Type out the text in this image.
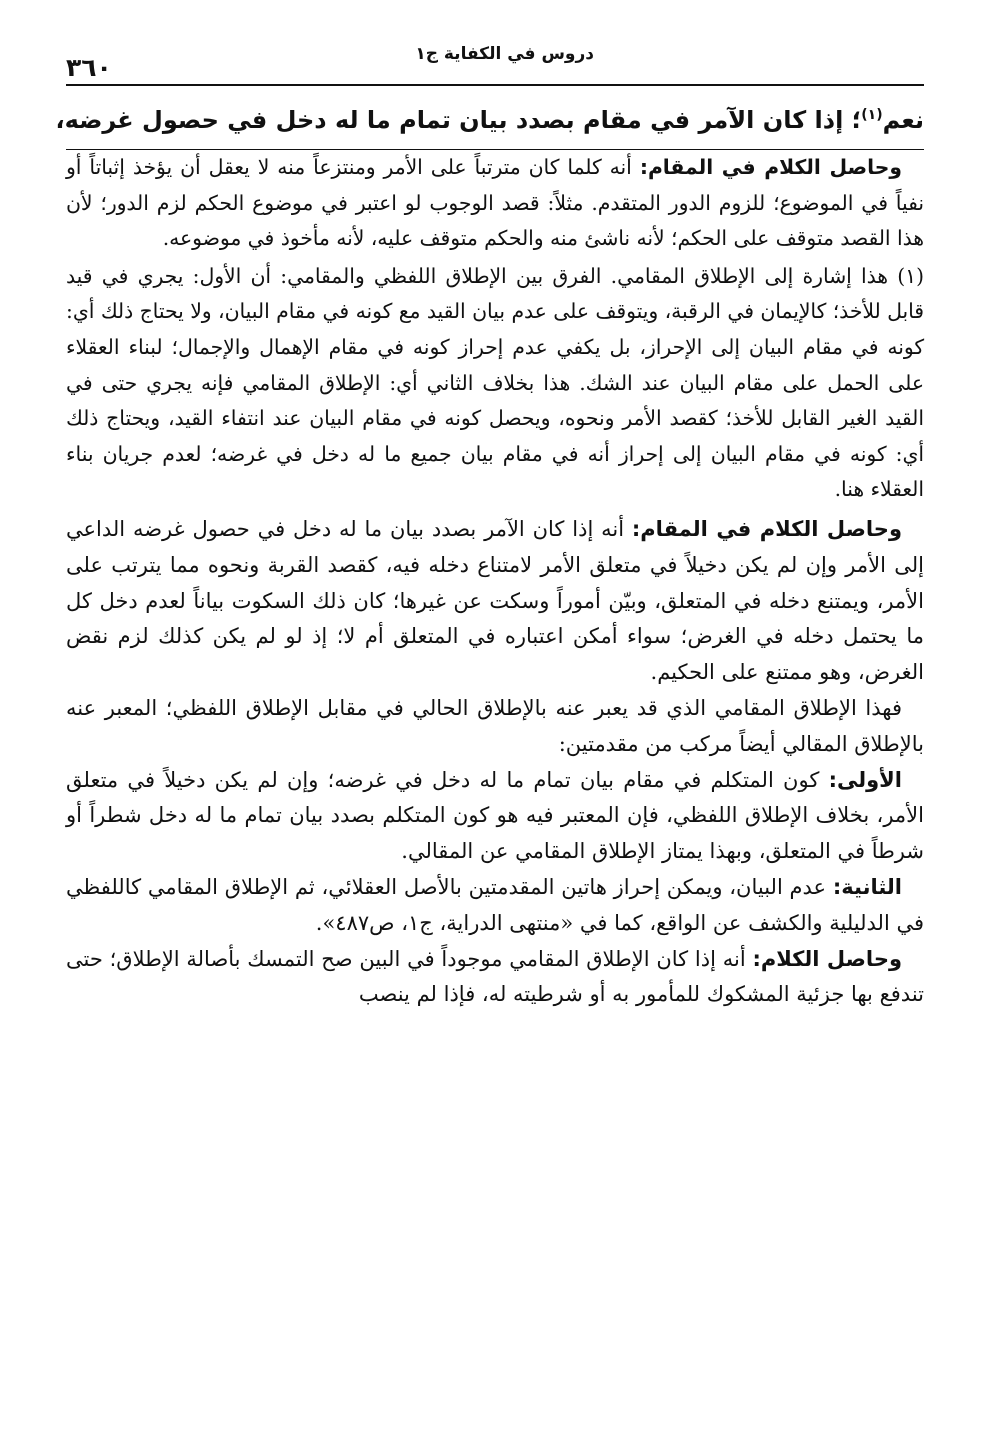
دروس في الكفاية ج١
٣٦٠
نعم$^{(١)}$؛ إذا كان الآمر في مقام بصدد بيان تمام ما له دخل في حصول غرضه،

وحاصل الكلام في المقام: أنه كلما كان مترتباً على الأمر ومنتزعاً منه لا يعقل أن يؤخذ إثباتاً أو نفياً في الموضوع؛ للزوم الدور المتقدم. مثلاً: قصد الوجوب لو اعتبر في موضوع الحكم لزم الدور؛ لأن هذا القصد متوقف على الحكم؛ لأنه ناشئ منه والحكم متوقف عليه، لأنه مأخوذ في موضوعه.

(١) هذا إشارة إلى الإطلاق المقامي. الفرق بين الإطلاق اللفظي والمقامي: أن الأول: يجري في قيد قابل للأخذ؛ كالإيمان في الرقبة، ويتوقف على عدم بيان القيد مع كونه في مقام البيان، ولا يحتاج ذلك أي: كونه في مقام البيان إلى الإحراز، بل يكفي عدم إحراز كونه في مقام الإهمال والإجمال؛ لبناء العقلاء على الحمل على مقام البيان عند الشك. هذا بخلاف الثاني أي: الإطلاق المقامي فإنه يجري حتى في القيد الغير القابل للأخذ؛ كقصد الأمر ونحوه، ويحصل كونه في مقام البيان عند انتفاء القيد، ويحتاج ذلك أي: كونه في مقام البيان إلى إحراز أنه في مقام بيان جميع ما له دخل في غرضه؛ لعدم جريان بناء العقلاء هنا.

وحاصل الكلام في المقام: أنه إذا كان الآمر بصدد بيان ما له دخل في حصول غرضه الداعي إلى الأمر وإن لم يكن دخيلاً في متعلق الأمر لامتناع دخله فيه، كقصد القربة ونحوه مما يترتب على الأمر، ويمتنع دخله في المتعلق، وبيّن أموراً وسكت عن غيرها؛ كان ذلك السكوت بياناً لعدم دخل كل ما يحتمل دخله في الغرض؛ سواء أمكن اعتباره في المتعلق أم لا؛ إذ لو لم يكن كذلك لزم نقض الغرض، وهو ممتنع على الحكيم.

فهذا الإطلاق المقامي الذي قد يعبر عنه بالإطلاق الحالي في مقابل الإطلاق اللفظي؛ المعبر عنه بالإطلاق المقالي أيضاً مركب من مقدمتين:

الأولى: كون المتكلم في مقام بيان تمام ما له دخل في غرضه؛ وإن لم يكن دخيلاً في متعلق الأمر، بخلاف الإطلاق اللفظي، فإن المعتبر فيه هو كون المتكلم بصدد بيان تمام ما له دخل شطراً أو شرطاً في المتعلق، وبهذا يمتاز الإطلاق المقامي عن المقالي.

الثانية: عدم البيان، ويمكن إحراز هاتين المقدمتين بالأصل العقلائي، ثم الإطلاق المقامي كاللفظي في الدليلية والكشف عن الواقع، كما في «منتهى الدراية، ج١، ص٤٨٧».

وحاصل الكلام: أنه إذا كان الإطلاق المقامي موجوداً في البين صح التمسك بأصالة الإطلاق؛ حتى تندفع بها جزئية المشكوك للمأمور به أو شرطيته له، فإذا لم ينصب
